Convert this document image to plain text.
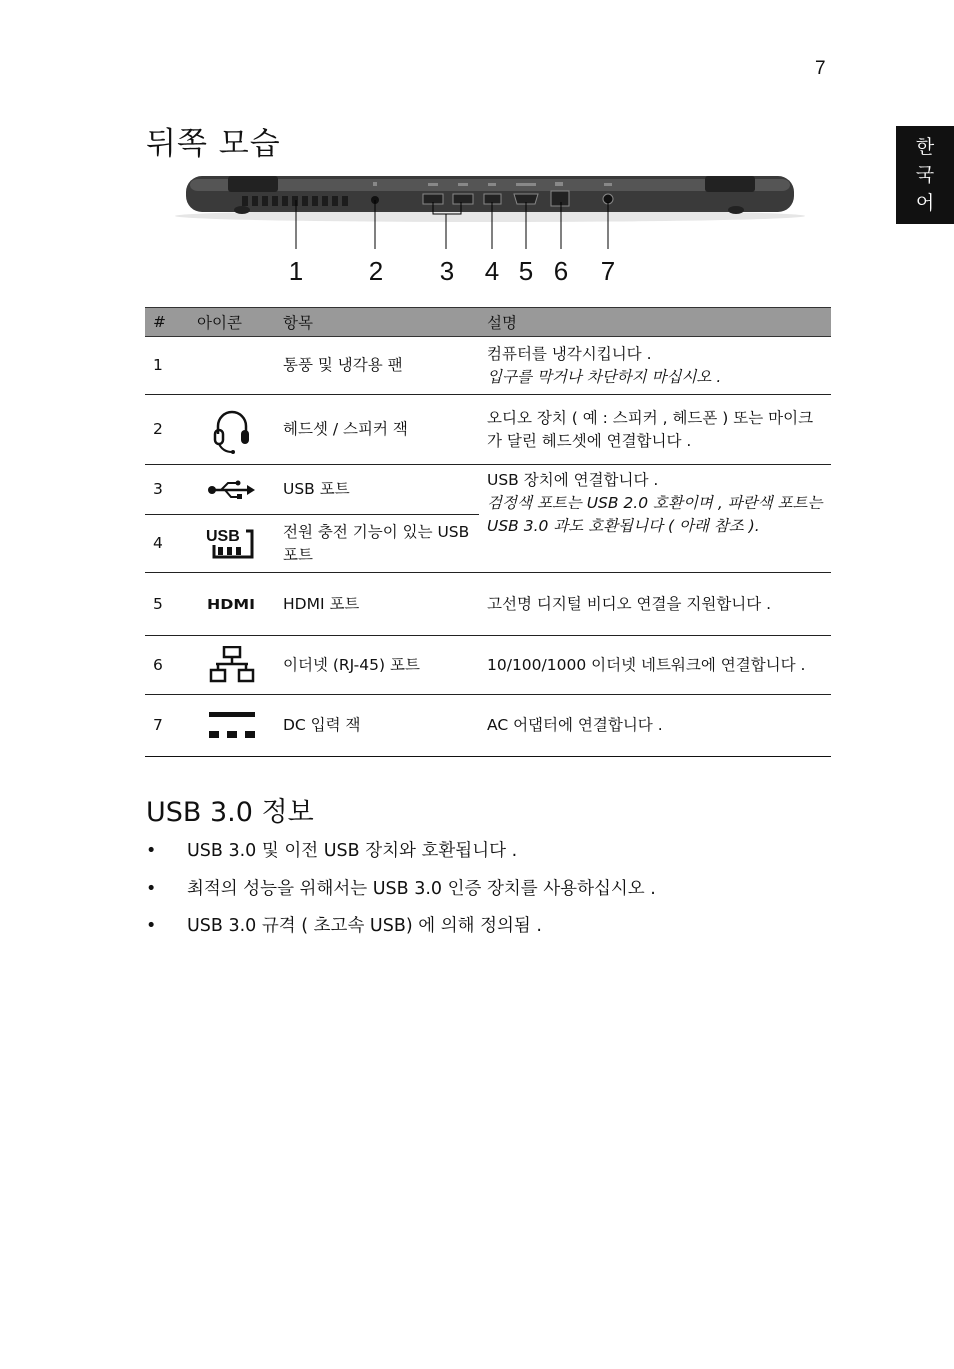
7
한
국
어
뒤쪽 모습
1	2 3 4 5 6 7
#	아이콘	항목	설명
1		통풍 및 냉각용 팬	컴퓨터를 냉각시킵니다 .
입구를 막거나 차단하지 마십시오 .

2		헤드셋 / 스피커 잭	오디오 장치 ( 예 : 스피커 , 헤드폰 ) 또는 마이크가 달린 헤드셋에 연결합니다 .
3		USB 포트	USB 장치에 연결합니다 .
검정색 포트는 USB 2.0 호환이며 , 파란색 포트는 USB 3.0 과도 호환됩니다 ( 아래 참조 ).

4	USB	전원 충전 기능이 있는 USB 포트	
5	HDMI	HDMI 포트	고선명 디지털 비디오 연결을 지원합니다 .
6		이더넷 (RJ-45) 포트	10/100/1000 이더넷 네트워크에 연결합니다 .
7		DC 입력 잭	AC 어댑터에 연결합니다 .
USB 3.0 정보
• USB 3.0 및 이전 USB 장치와 호환됩니다 .
• 최적의 성능을 위해서는 USB 3.0 인증 장치를 사용하십시오 .
• USB 3.0 규격 ( 초고속 USB) 에 의해 정의됨 .
